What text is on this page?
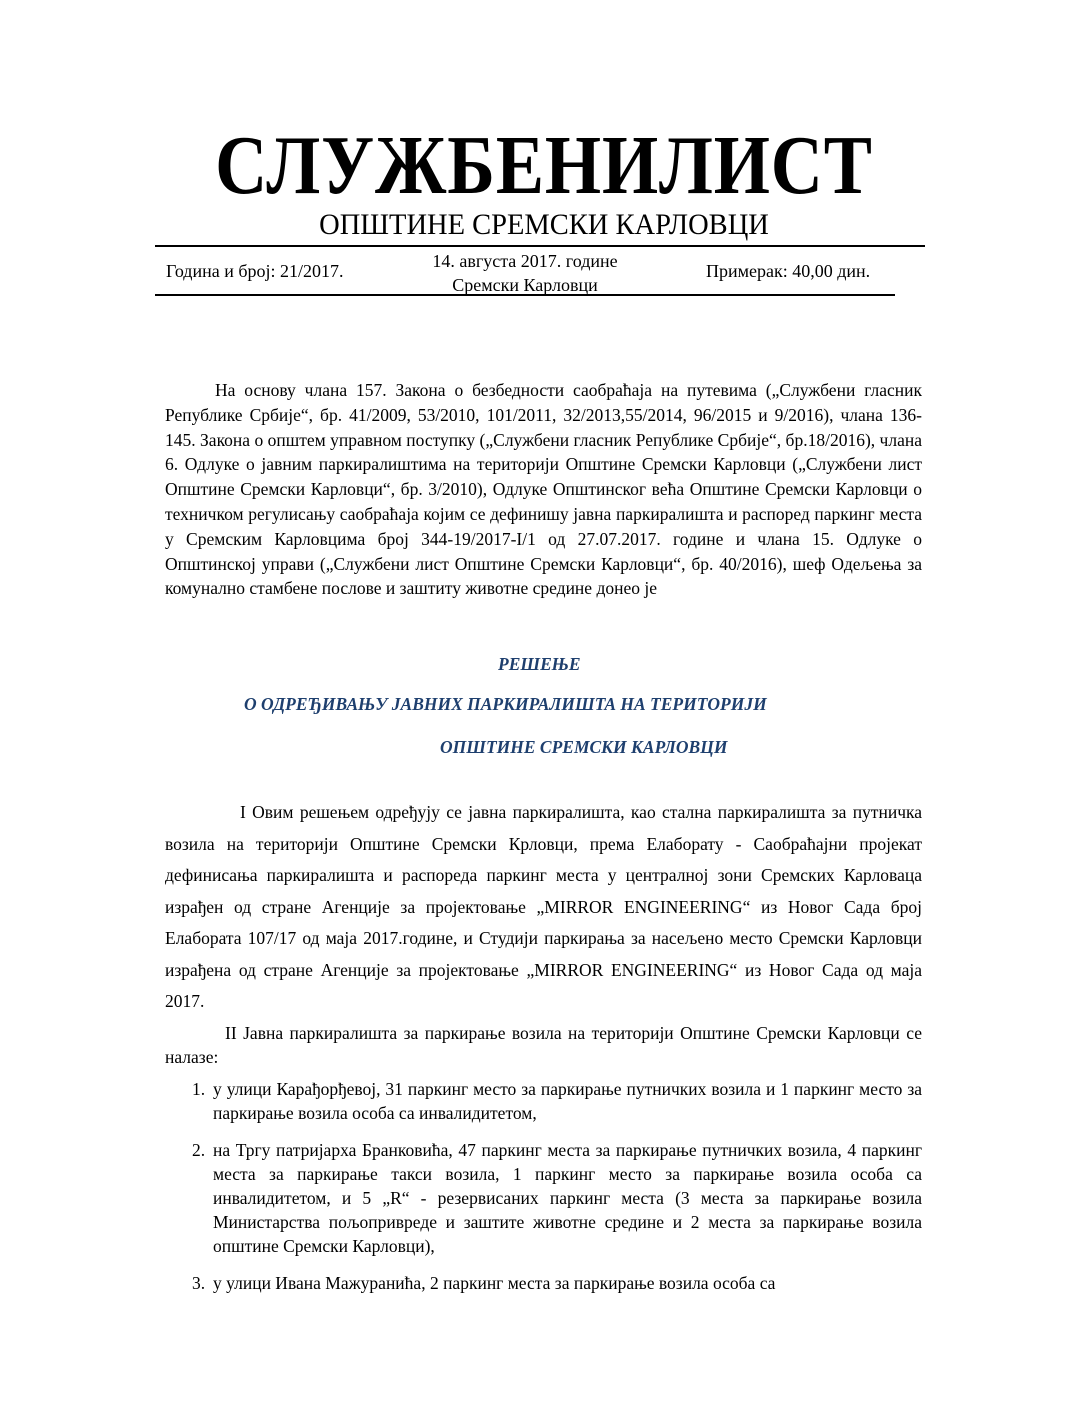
СЛУЖБЕНИЛИСТ
ОПШТИНЕ СРЕМСКИ КАРЛОВЦИ
Година и број: 21/2017.	14. августа 2017. године
Сремски Карловци
Примерак: 40,00 дин.

На основу члана 157. Закона о безбедности саобраћаја на путевима („Службени гласник Републике Србије“, бр. 41/2009, 53/2010, 101/2011, 32/2013,55/2014, 96/2015 и 9/2016), члана 136-145. Закона о општем управном поступку („Службени гласник Републике Србије“, бр.18/2016), члана 6. Одлуке о јавним паркиралиштима на територији Општине Сремски Карловци („Службени лист Општине Сремски Карловци“, бр. 3/2010), Одлуке Општинског већа Општине Сремски Карловци о техничком регулисању саобраћаја којим се дефинишу јавна паркиралишта и распоред паркинг места у Сремским Карловцима број 344-19/2017-I/1 од 27.07.2017. године и члана 15. Одлуке о Општинској управи („Службени лист Општине Сремски Карловци“, бр. 40/2016), шеф Одељења за комунално стамбене послове и заштиту животне средине донео је

РЕШЕЊЕ
О ОДРЕЂИВАЊУ ЈАВНИХ ПАРКИРАЛИШТА НА ТЕРИТОРИЈИ
ОПШТИНЕ СРЕМСКИ КАРЛОВЦИ

I Овим решењем одређују се јавна паркиралишта, као стална паркиралишта за путничка возила на територији Општине Сремски Крловци, према Елаборату - Саобраћајни пројекат дефинисања паркиралишта и распореда паркинг места у централној зони Сремских Карловаца израђен од стране Агенције за пројектовање „MIRROR ENGINEERING“ из Новог Сада број Елабората 107/17 од маја 2017.године, и Студији паркирања за насељено место Сремски Карловци израђена од стране Агенције за пројектовање „MIRROR ENGINEERING“ из Новог Сада од маја 2017.

II Јавна паркиралишта за паркирање возила на територији Општине Сремски Карловци се налазе:

1. у улици Карађорђевој, 31 паркинг место за паркирање путничких возила и 1 паркинг место за паркирање возила особа са инвалидитетом,
2. на Тргу патријарха Бранковића, 47 паркинг места за паркирање путничких возила, 4 паркинг места за паркирање такси возила, 1 паркинг место за паркирање возила особа са инвалидитетом, и 5 „R“ - резервисаних паркинг места (3 места за паркирање возила Министарства пољопривреде и заштите животне средине и 2 места за паркирање возила општине Сремски Карловци),
3. у улици Ивана Мажуранића, 2 паркинг места за паркирање возила особа са
